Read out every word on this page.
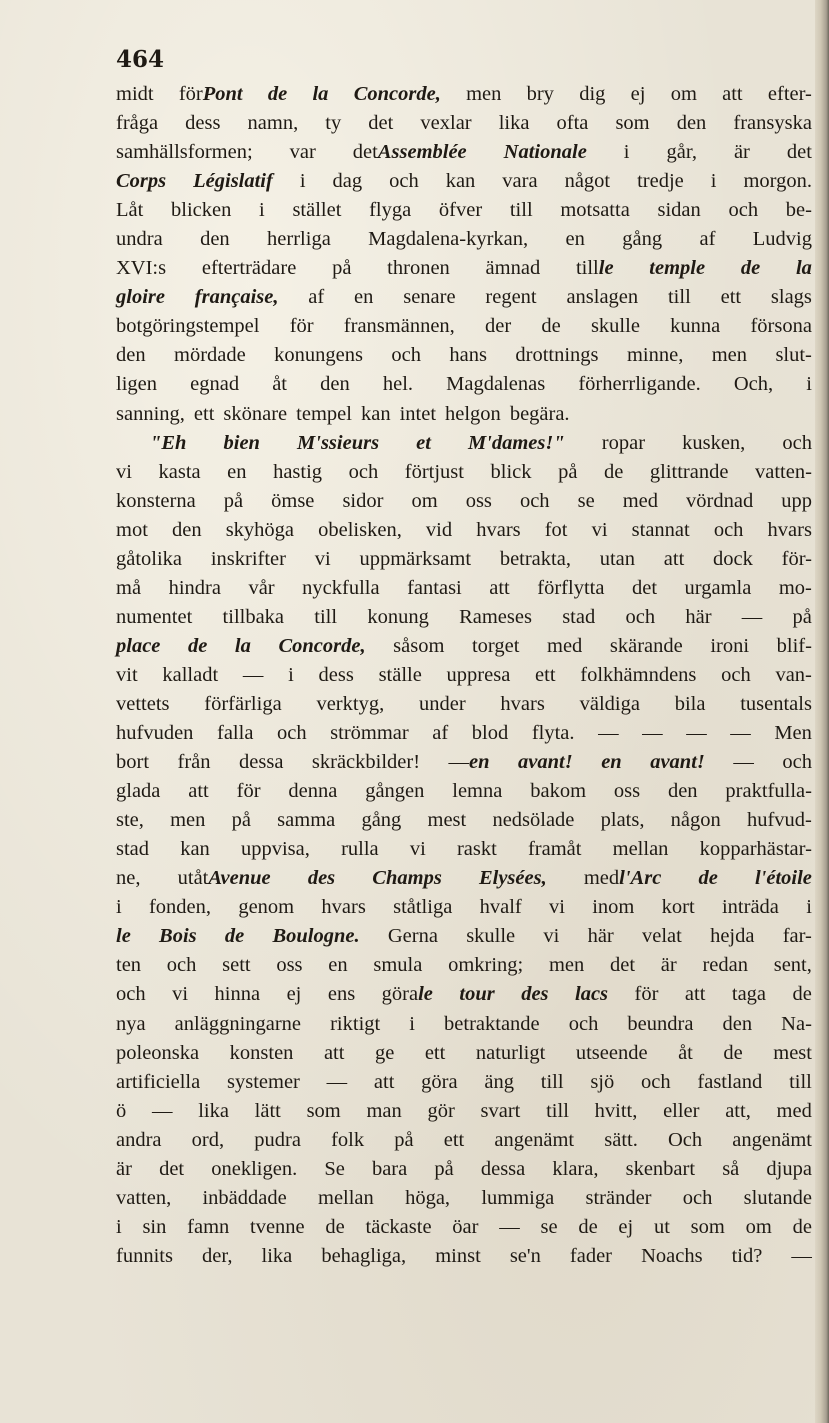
464
midt förPont de la Concorde, men bry dig ej om att efter-
fråga dess namn, ty det vexlar lika ofta som den fransyska
samhällsformen; var detAssemblée Nationale i går, är det
Corps Législatif i dag och kan vara något tredje i morgon.
Låt blicken i stället flyga öfver till motsatta sidan och be-
undra den herrliga Magdalena-kyrkan, en gång af Ludvig
XVI:s efterträdare på thronen ämnad tillle temple de la
gloire française, af en senare regent anslagen till ett slags
botgöringstempel för fransmännen, der de skulle kunna försona
den mördade konungens och hans drottnings minne, men slut-
ligen egnad åt den hel. Magdalenas förherrligande. Och, i
sanning, ett skönare tempel kan intet helgon begära.
"Eh bien M'ssieurs et M'dames!" ropar kusken, och
vi kasta en hastig och förtjust blick på de glittrande vatten-
konsterna på ömse sidor om oss och se med vördnad upp
mot den skyhöga obelisken, vid hvars fot vi stannat och hvars
gåtolika inskrifter vi uppmärksamt betrakta, utan att dock för-
må hindra vår nyckfulla fantasi att förflytta det urgamla mo-
numentet tillbaka till konung Rameses stad och här — på
place de la Concorde, såsom torget med skärande ironi blif-
vit kalladt — i dess ställe uppresa ett folkhämndens och van-
vettets förfärliga verktyg, under hvars väldiga bila tusentals
hufvuden falla och strömmar af blod flyta. — — — — Men
bort från dessa skräckbilder! —en avant! en avant! — och
glada att för denna gången lemna bakom oss den praktfulla-
ste, men på samma gång mest nedsölade plats, någon hufvud-
stad kan uppvisa, rulla vi raskt framåt mellan kopparhästar-
ne, utåtAvenue des Champs Elysées, medl'Arc de l'étoile
i fonden, genom hvars ståtliga hvalf vi inom kort inträda i
le Bois de Boulogne. Gerna skulle vi här velat hejda far-
ten och sett oss en smula omkring; men det är redan sent,
och vi hinna ej ens görale tour des lacs för att taga de
nya anläggningarne riktigt i betraktande och beundra den Na-
poleonska konsten att ge ett naturligt utseende åt de mest
artificiella systemer — att göra äng till sjö och fastland till
ö — lika lätt som man gör svart till hvitt, eller att, med
andra ord, pudra folk på ett angenämt sätt. Och angenämt
är det onekligen. Se bara på dessa klara, skenbart så djupa
vatten, inbäddade mellan höga, lummiga stränder och slutande
i sin famn tvenne de täckaste öar — se de ej ut som om de
funnits der, lika behagliga, minst se'n fader Noachs tid? —
